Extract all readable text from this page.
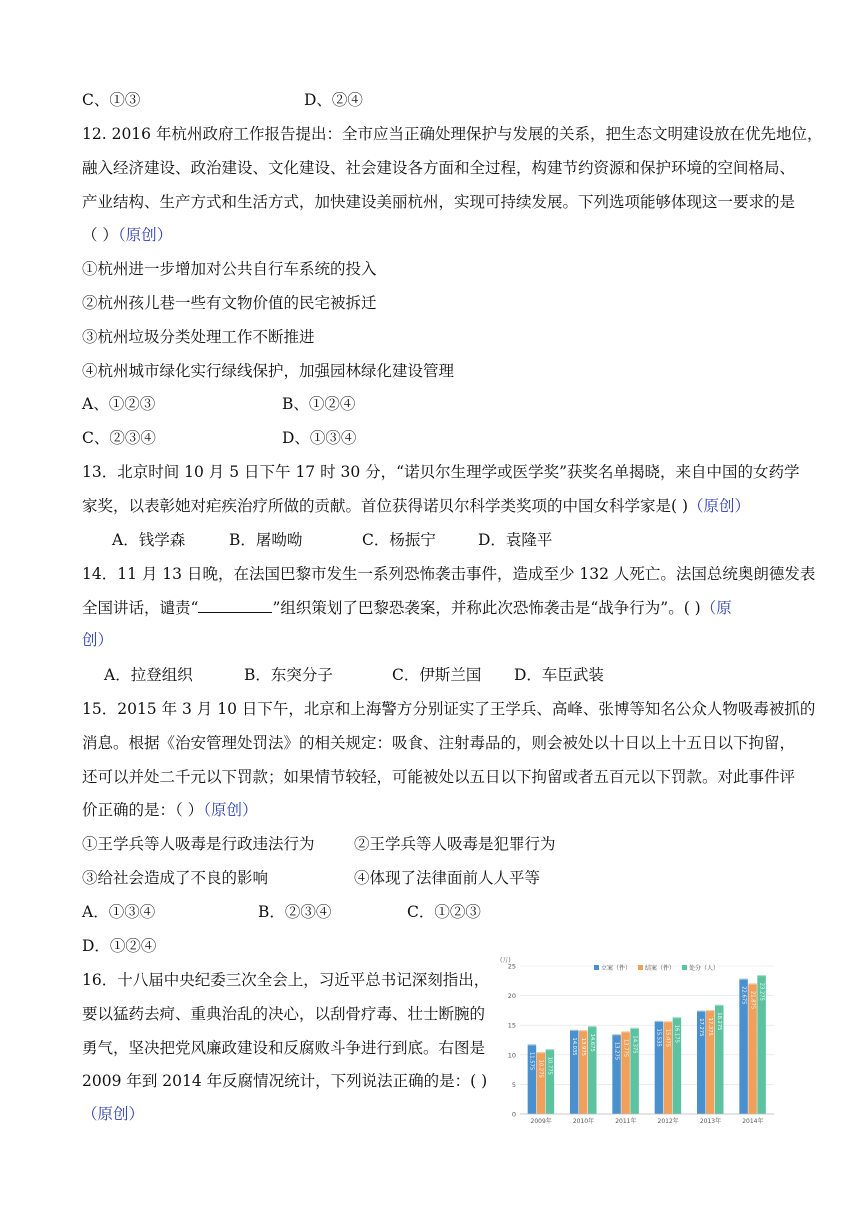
C、①③	D、②④
12. 2016 年杭州政府工作报告提出：全市应当正确处理保护与发展的关系，把生态文明建设放在优先地位，
融入经济建设、政治建设、文化建设、社会建设各方面和全过程，构建节约资源和保护环境的空间格局、
产业结构、生产方式和生活方式，加快建设美丽杭州，实现可持续发展。下列选项能够体现这一要求的是
（ ）（原创）
①杭州进一步增加对公共自行车系统的投入
②杭州孩儿巷一些有文物价值的民宅被拆迁
③杭州垃圾分类处理工作不断推进
④杭州城市绿化实行绿线保护，加强园林绿化建设管理
A、①②③	B、①②④
C、②③④	D、①③④
13．北京时间 10 月 5 日下午 17 时 30 分，“诺贝尔生理学或医学奖”获奖名单揭晓，来自中国的女药学
家奖，以表彰她对疟疾治疗所做的贡献。首位获得诺贝尔科学类奖项的中国女科学家是( )（原创）
A．钱学森	B．屠呦呦	C．杨振宁	D．袁隆平
14．11 月 13 日晚，在法国巴黎市发生一系列恐怖袭击事件，造成至少 132 人死亡。法国总统奥朗德发表
全国讲话，谴责“	”组织策划了巴黎恐袭案，并称此次恐怖袭击是“战争行为”。( )（原
创）
A．拉登组织	B．东突分子	C．伊斯兰国 D．车臣武装
15．2015 年 3 月 10 日下午，北京和上海警方分别证实了王学兵、高峰、张博等知名公众人物吸毒被抓的
消息。根据《治安管理处罚法》的相关规定：吸食、注射毒品的，则会被处以十日以上十五日以下拘留，
还可以并处二千元以下罚款；如果情节较轻，可能被处以五日以下拘留或者五百元以下罚款。对此事件评
价正确的是：（ ）（原创）
①王学兵等人吸毒是行政违法行为	②王学兵等人吸毒是犯罪行为
③给社会造成了不良的影响	④体现了法律面前人人平等
A．①③④	B．②③④	C．①②③
D．①②④
16．十八届中央纪委三次全会上，习近平总书记深刻指出，
要以猛药去疴、重典治乱的决心，以刮骨疗毒、壮士断腕的
勇气，坚决把党风廉政建设和反腐败斗争进行到底。右图是
2009 年到 2014 年反腐情况统计，下列说法正确的是：( )
（原创）
(万)
0
5
10
15
20
25	立案（件） 结案（件） 处分（人）
11.575 10.275 10.775
2009年
14.035 13.975 14.675
2010年
13.275 13.775 14.375
2011年
15.535 15.475 16.175
2012年
17.275 17.375 18.275
2013年
22.675 21.875 23.275
2014年
